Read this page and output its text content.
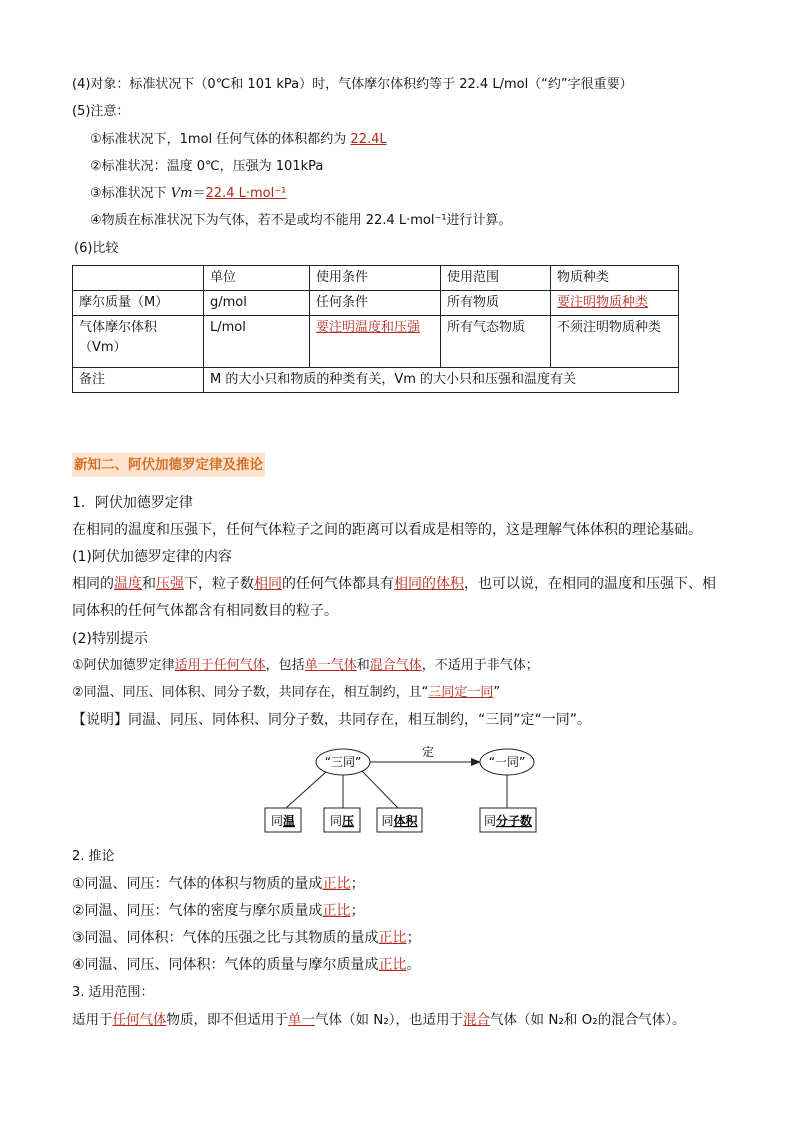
(4)对象：标准状况下（0℃和 101 kPa）时，气体摩尔体积约等于 22.4 L/mol（“约”字很重要）
(5)注意：
①标准状况下，1mol 任何气体的体积都约为 22.4L
②标准状况：温度 0℃，压强为 101kPa
③标准状况下 Vm＝22.4 L·mol⁻¹
④物质在标准状况下为气体，若不是或均不能用 22.4 L·mol⁻¹进行计算。
(6)比较
	单位	使用条件	使用范围	物质种类
摩尔质量（M）	g/mol	任何条件	所有物质	要注明物质种类
气体摩尔体积（Vm）	L/mol	要注明温度和压强	所有气态物质	不须注明物质种类
备注	M 的大小只和物质的种类有关，Vm 的大小只和压强和温度有关			
新知二、阿伏加德罗定律及推论
1．阿伏加德罗定律
在相同的温度和压强下，任何气体粒子之间的距离可以看成是相等的，这是理解气体体积的理论基础。
(1)阿伏加德罗定律的内容
相同的温度和压强下，粒子数相同的任何气体都具有相同的体积，也可以说，在相同的温度和压强下、相
同体积的任何气体都含有相同数目的粒子。
(2)特别提示
①阿伏加德罗定律适用于任何气体，包括单一气体和混合气体，不适用于非气体；
②同温、同压、同体积、同分子数，共同存在，相互制约，且“三同定一同”
【说明】同温、同压、同体积、同分子数，共同存在，相互制约，“三同”定“一同”。
定
“三同”	“一同”
同温	同压 同体积	同分子数
2. 推论
①同温、同压：气体的体积与物质的量成正比；
②同温、同压：气体的密度与摩尔质量成正比；
③同温、同体积：气体的压强之比与其物质的量成正比；
④同温、同压、同体积：气体的质量与摩尔质量成正比。
3. 适用范围：
适用于任何气体物质，即不但适用于单一气体（如 N₂），也适用于混合气体（如 N₂和 O₂的混合气体）。
